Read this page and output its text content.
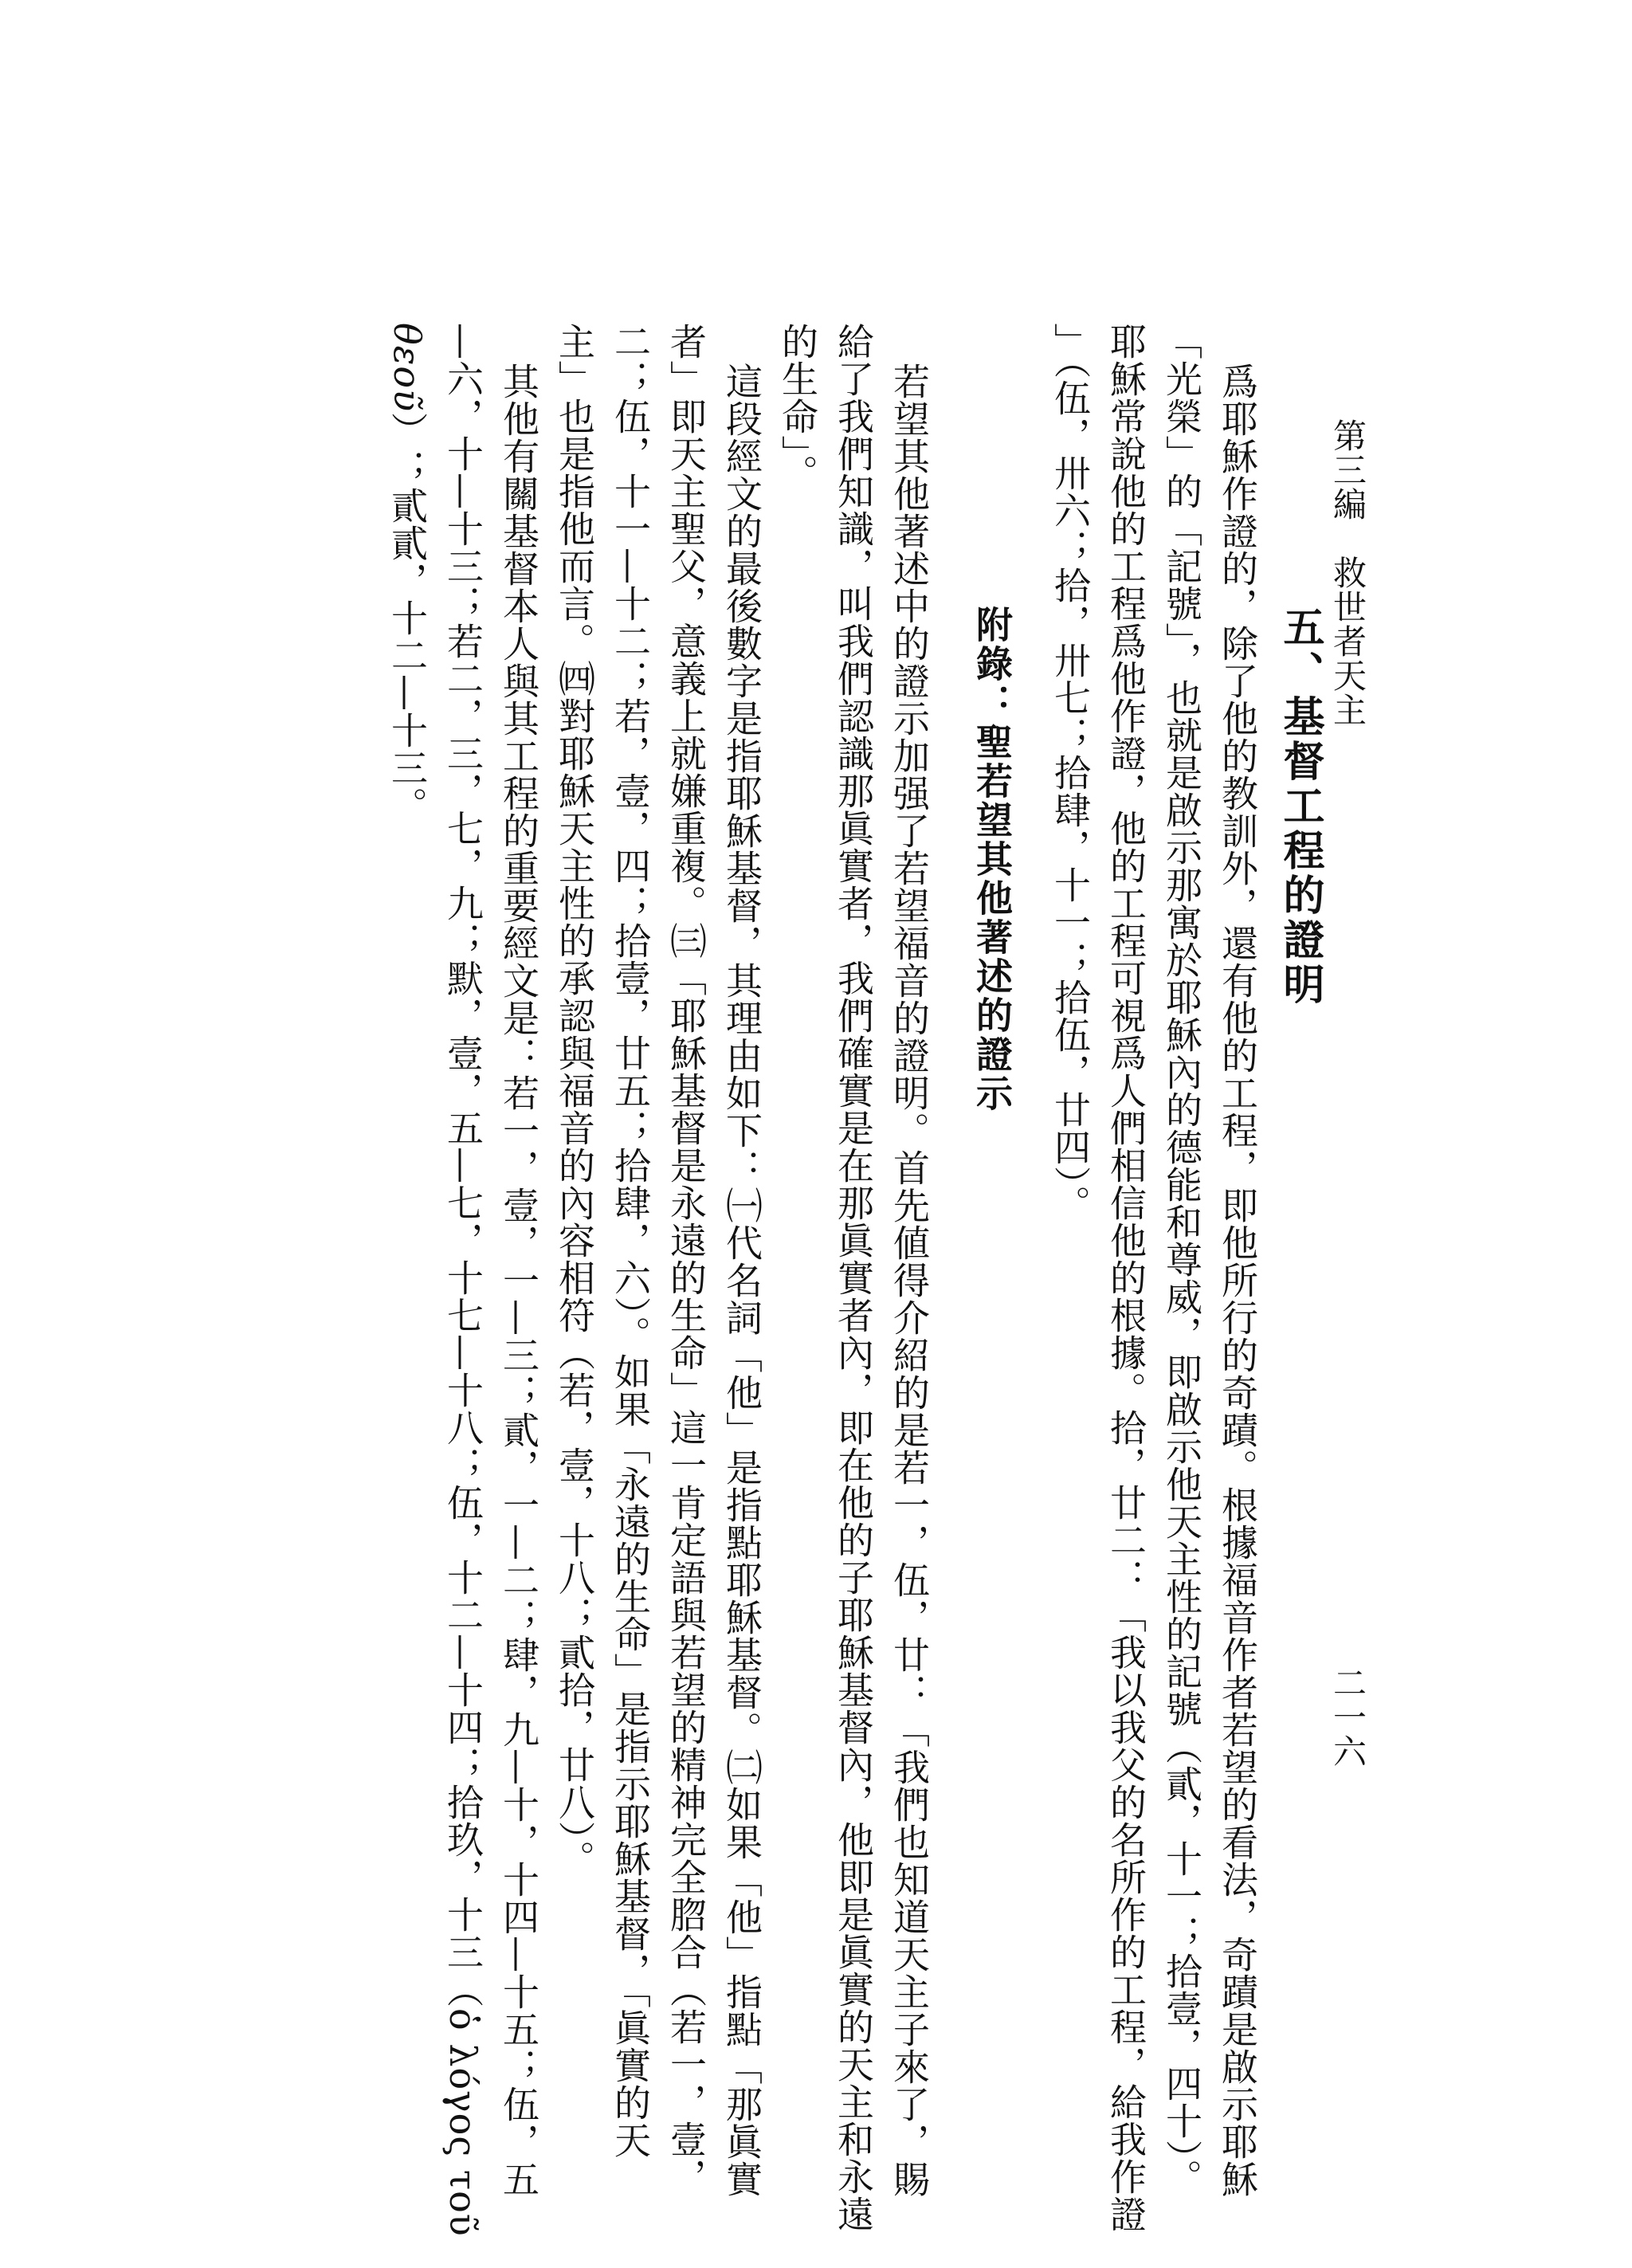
第三編　救世者天主
二一六
五、基督工程的證明
爲耶穌作證的，除了他的教訓外，還有他的工程，即他所行的奇蹟。根據福音作者若望的看法，奇蹟是啟示耶穌
「光榮」的「記號」，也就是啟示那寓於耶穌內的德能和尊威，即啟示他天主性的記號（貳，十一；拾壹，四十）。
耶穌常說他的工程爲他作證，他的工程可視爲人們相信他的根據。拾，廿二：「我以我父的名所作的工程，給我作證
」（伍，卅六；拾，卅七；拾肆，十一；拾伍，廿四）。
附錄：聖若望其他著述的證示
若望其他著述中的證示加强了若望福音的證明。首先値得介紹的是若一，伍，廿：「我們也知道天主子來了，賜
給了我們知識，叫我們認識那眞實者，我們確實是在那眞實者內，即在他的子耶穌基督內，他即是眞實的天主和永遠
的生命」。
這段經文的最後數字是指耶穌基督，其理由如下：㈠代名詞「他」是指點耶穌基督。㈡如果「他」指點「那眞實
者」即天主聖父，意義上就嫌重複。㈢「耶穌基督是永遠的生命」這一肯定語與若望的精神完全脗合（若一，壹，
二；伍，十一—十二；若，壹，四；拾壹，廿五；拾肆，六）。如果「永遠的生命」是指示耶穌基督，「眞實的天
主」也是指他而言。㈣對耶穌天主性的承認與福音的內容相符（若，壹，十八；貳拾，廿八）。
其他有關基督本人與其工程的重要經文是：若一，壹，一—三；貳，一—二；肆，九—十，十四—十五；伍，五
—六，十—十三；若二，三，七，九；默，壹，五—七，十七—十八；伍，十二—十四；拾玖，十三（ὁ λόγος τοῦ
θεοῦ）；貳貳，十二—十三。
